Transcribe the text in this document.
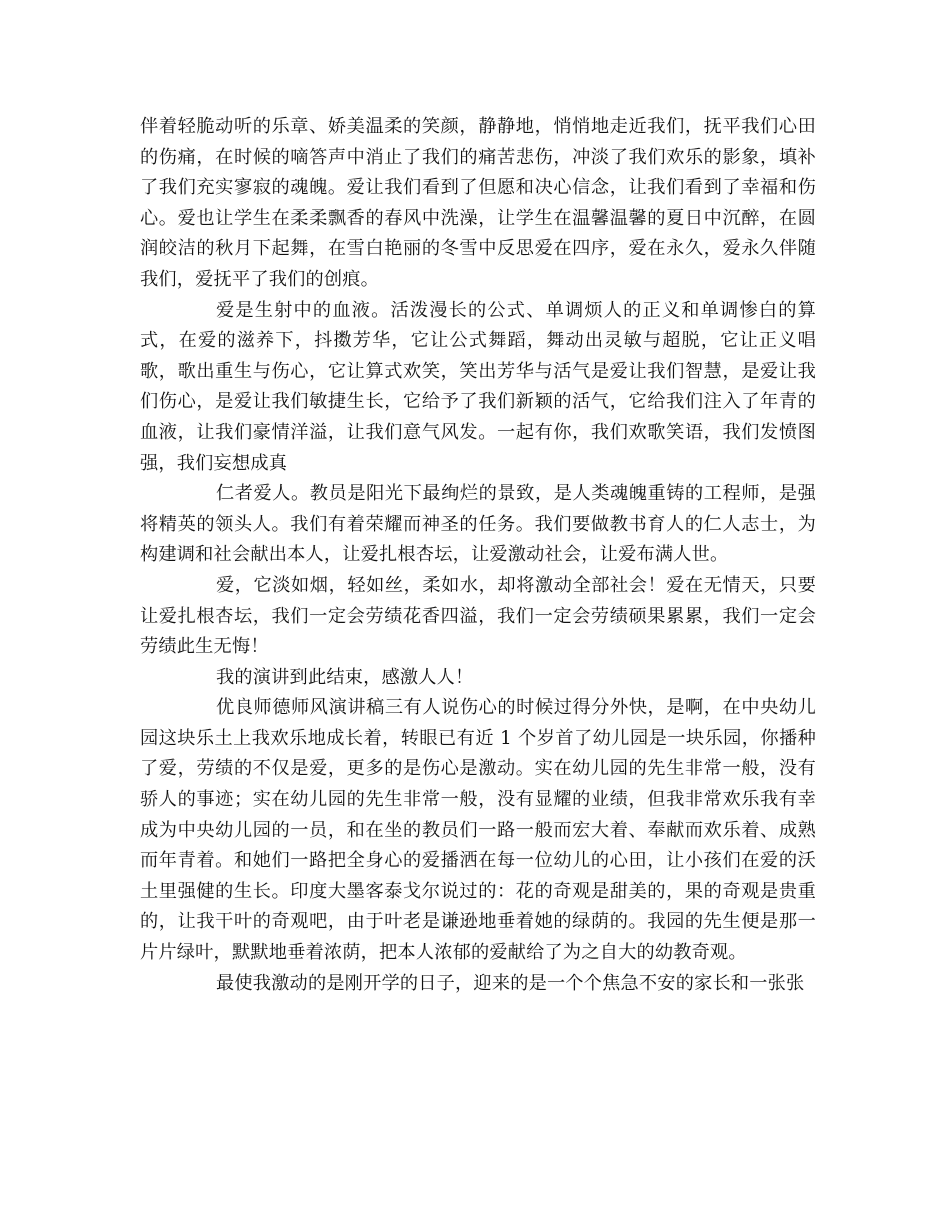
伴着轻脆动听的乐章、娇美温柔的笑颜，静静地，悄悄地走近我们，抚平我们心田的伤痛，在时候的嘀答声中消止了我们的痛苦悲伤，冲淡了我们欢乐的影象，填补了我们充实寥寂的魂魄。爱让我们看到了但愿和决心信念，让我们看到了幸福和伤心。爱也让学生在柔柔飘香的春风中洗澡，让学生在温馨温馨的夏日中沉醉，在圆润皎洁的秋月下起舞，在雪白艳丽的冬雪中反思爱在四序，爱在永久，爱永久伴随我们，爱抚平了我们的创痕。

爱是生射中的血液。活泼漫长的公式、单调烦人的正义和单调惨白的算式，在爱的滋养下，抖擞芳华，它让公式舞蹈，舞动出灵敏与超脱，它让正义唱歌，歌出重生与伤心，它让算式欢笑，笑出芳华与活气是爱让我们智慧，是爱让我们伤心，是爱让我们敏捷生长，它给予了我们新颖的活气，它给我们注入了年青的血液，让我们豪情洋溢，让我们意气风发。一起有你，我们欢歌笑语，我们发愤图强，我们妄想成真

仁者爱人。教员是阳光下最绚烂的景致，是人类魂魄重铸的工程师，是强将精英的领头人。我们有着荣耀而神圣的任务。我们要做教书育人的仁人志士，为构建调和社会献出本人，让爱扎根杏坛，让爱激动社会，让爱布满人世。

爱，它淡如烟，轻如丝，柔如水，却将激动全部社会！爱在无情天，只要让爱扎根杏坛，我们一定会劳绩花香四溢，我们一定会劳绩硕果累累，我们一定会劳绩此生无悔！

我的演讲到此结束，感激人人！

优良师德师风演讲稿三有人说伤心的时候过得分外快，是啊，在中央幼儿园这块乐土上我欢乐地成长着，转眼已有近 1 个岁首了幼儿园是一块乐园，你播种了爱，劳绩的不仅是爱，更多的是伤心是激动。实在幼儿园的先生非常一般，没有骄人的事迹；实在幼儿园的先生非常一般，没有显耀的业绩，但我非常欢乐我有幸成为中央幼儿园的一员，和在坐的教员们一路一般而宏大着、奉献而欢乐着、成熟而年青着。和她们一路把全身心的爱播洒在每一位幼儿的心田，让小孩们在爱的沃土里强健的生长。印度大墨客泰戈尔说过的：花的奇观是甜美的，果的奇观是贵重的，让我干叶的奇观吧，由于叶老是谦逊地垂着她的绿荫的。我园的先生便是那一片片绿叶，默默地垂着浓荫，把本人浓郁的爱献给了为之自大的幼教奇观。

最使我激动的是刚开学的日子，迎来的是一个个焦急不安的家长和一张张
